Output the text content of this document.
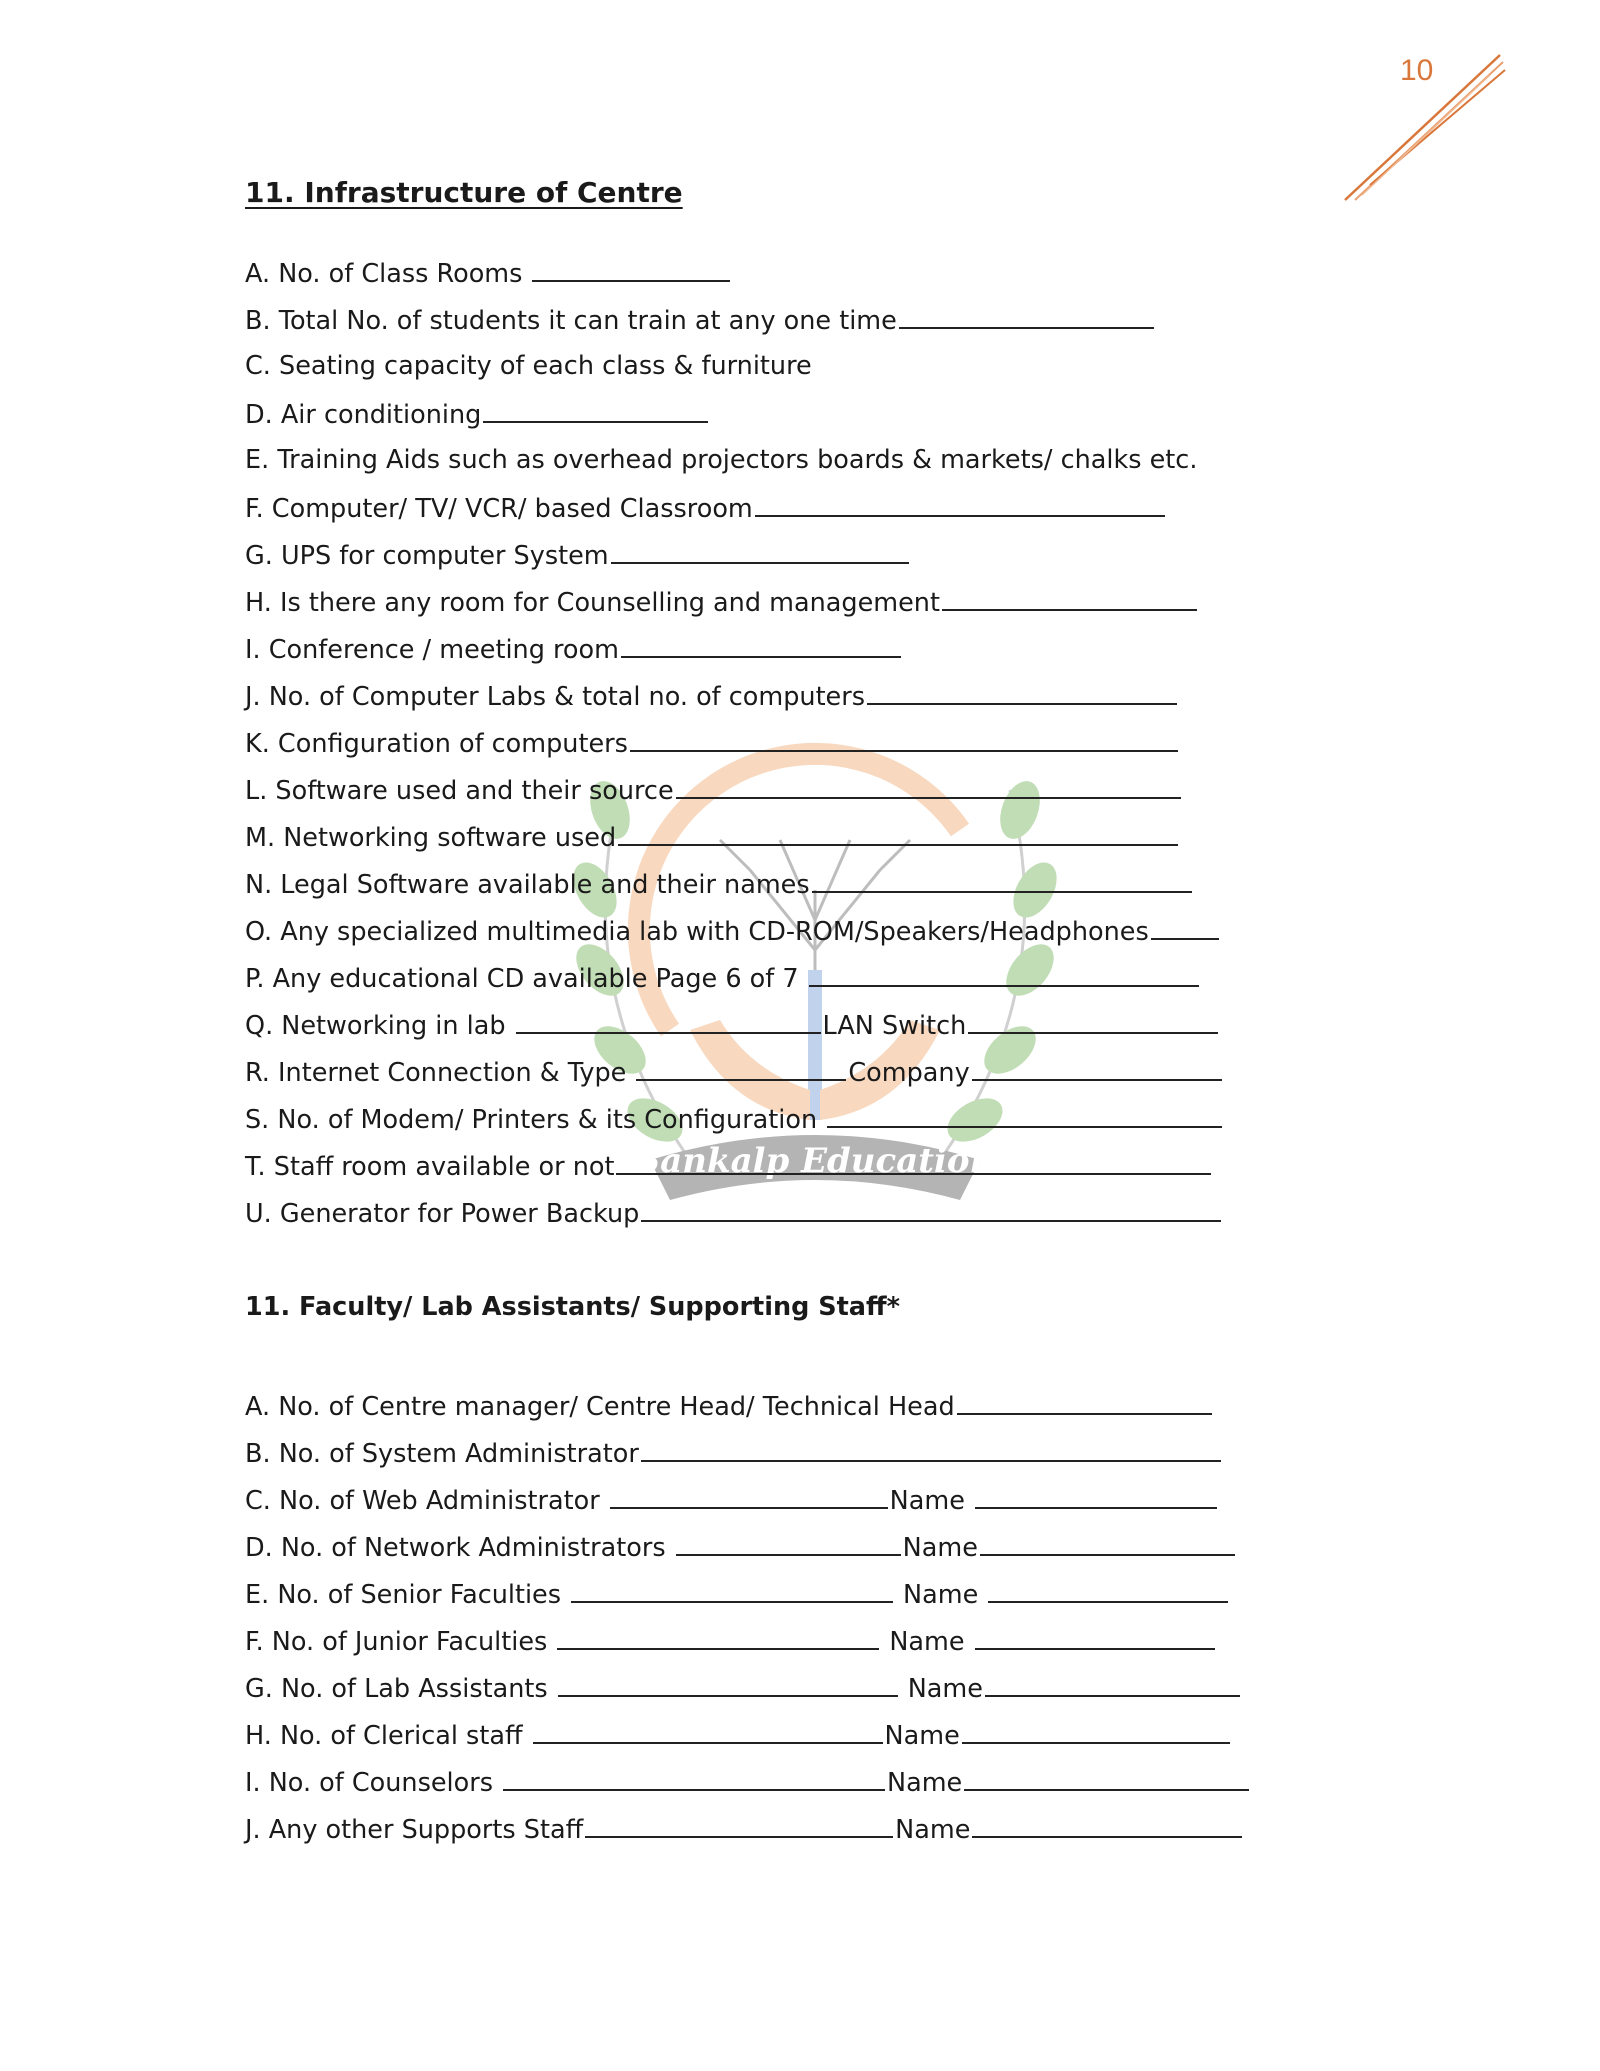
10
Sankalp Education
लक्ष्य आपका - संकल्प हमारा
11. Infrastructure of Centre
A. No. of Class Rooms
B. Total No. of students it can train at any one time
C. Seating capacity of each class & furniture
D. Air conditioning
E. Training Aids such as overhead projectors boards & markets/ chalks etc.
F. Computer/ TV/ VCR/ based Classroom
G. UPS for computer System
H. Is there any room for Counselling and management
I. Conference / meeting room
J. No. of Computer Labs & total no. of computers
K. Configuration of computers
L. Software used and their source
M. Networking software used
N. Legal Software available and their names
O. Any specialized multimedia lab with CD-ROM/Speakers/Headphones
P. Any educational CD available Page 6 of 7
Q. Networking in lab	LAN Switch
R. Internet Connection & Type	Company
S. No. of Modem/ Printers & its Configuration
T. Staff room available or not
U. Generator for Power Backup
11. Faculty/ Lab Assistants/ Supporting Staff*
A. No. of Centre manager/ Centre Head/ Technical Head
B. No. of System Administrator
C. No. of Web Administrator	Name
D. No. of Network Administrators	Name
E. No. of Senior Faculties	Name
F. No. of Junior Faculties	Name
G. No. of Lab Assistants	Name
H. No. of Clerical staff	Name
I. No. of Counselors	Name
J. Any other Supports Staff	Name
